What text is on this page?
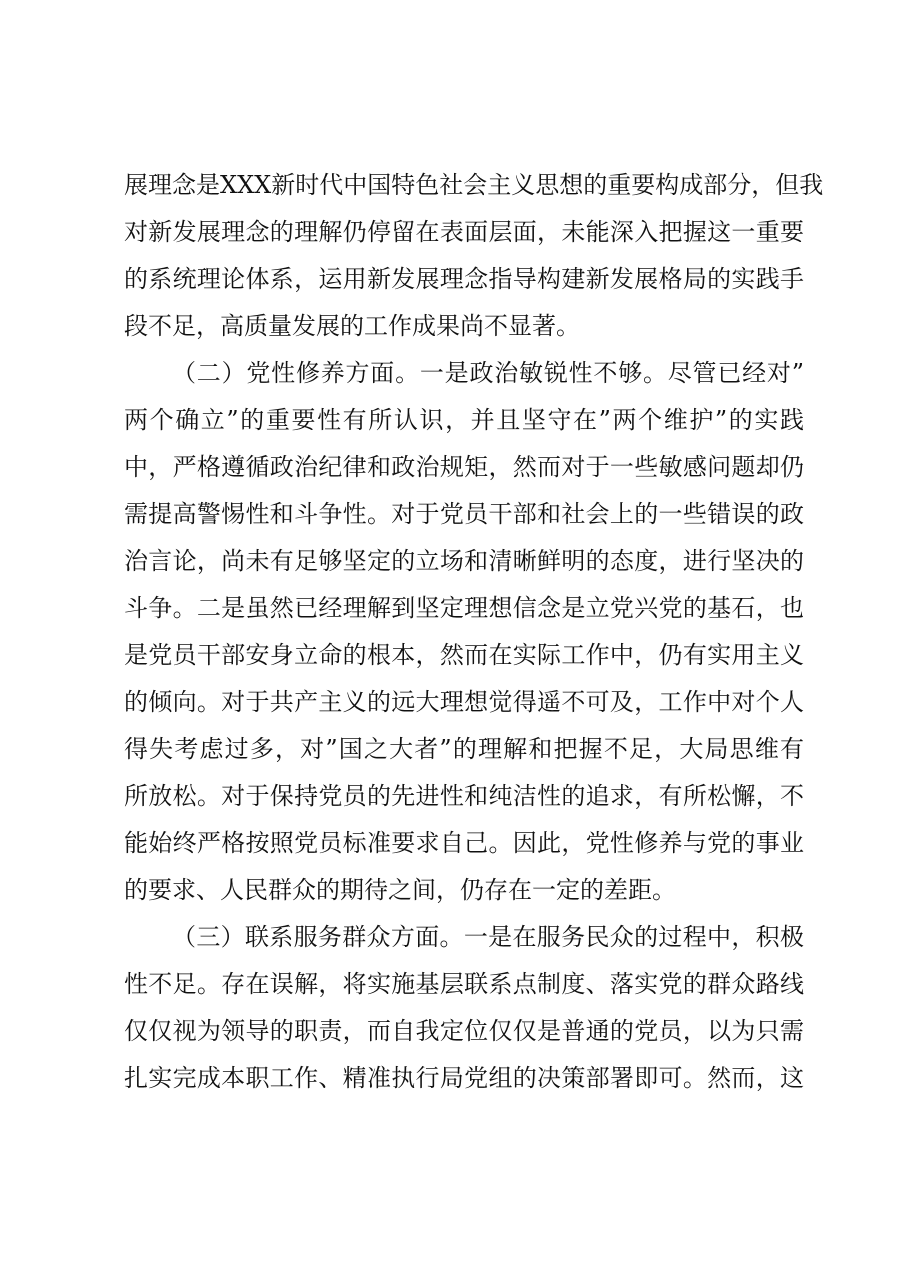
展理念是XXX新时代中国特色社会主义思想的重要构成部分，但我
对新发展理念的理解仍停留在表面层面，未能深入把握这一重要
的系统理论体系，运用新发展理念指导构建新发展格局的实践手
段不足，高质量发展的工作成果尚不显著。
（二）党性修养方面。一是政治敏锐性不够。尽管已经对”
两个确立”的重要性有所认识，并且坚守在”两个维护”的实践
中，严格遵循政治纪律和政治规矩，然而对于一些敏感问题却仍
需提高警惕性和斗争性。对于党员干部和社会上的一些错误的政
治言论，尚未有足够坚定的立场和清晰鲜明的态度，进行坚决的
斗争。二是虽然已经理解到坚定理想信念是立党兴党的基石，也
是党员干部安身立命的根本，然而在实际工作中，仍有实用主义
的倾向。对于共产主义的远大理想觉得遥不可及，工作中对个人
得失考虑过多，对”国之大者”的理解和把握不足，大局思维有
所放松。对于保持党员的先进性和纯洁性的追求，有所松懈，不
能始终严格按照党员标准要求自己。因此，党性修养与党的事业
的要求、人民群众的期待之间，仍存在一定的差距。
（三）联系服务群众方面。一是在服务民众的过程中，积极
性不足。存在误解，将实施基层联系点制度、落实党的群众路线
仅仅视为领导的职责，而自我定位仅仅是普通的党员，以为只需
扎实完成本职工作、精准执行局党组的决策部署即可。然而，这
